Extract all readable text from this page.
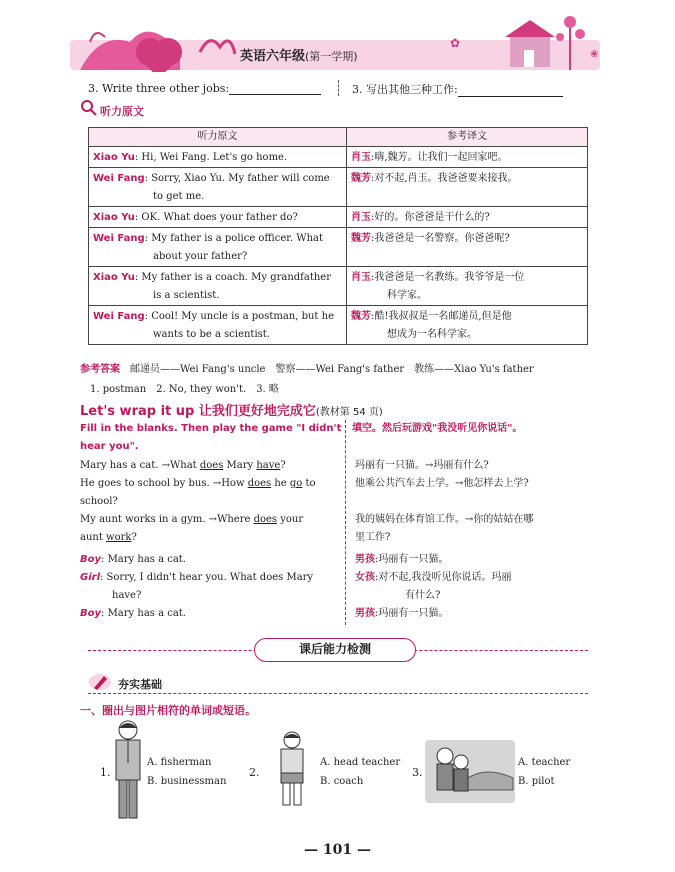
✿
❀
英语六年级(第一学期)
3. Write three other jobs:	3. 写出其他三种工作:
听力原文
听力原文	参考译文
Xiao Yu: Hi, Wei Fang. Let's go home.	肖玉:嗨,魏芳。让我们一起回家吧。
Wei Fang: Sorry, Xiao Yu. My father will come
to get me.	魏芳:对不起,肖玉。我爸爸要来接我。
Xiao Yu: OK. What does your father do?	肖玉:好的。你爸爸是干什么的?
Wei Fang: My father is a police officer. What
about your father?	魏芳:我爸爸是一名警察。你爸爸呢?
Xiao Yu: My father is a coach. My grandfather
is a scientist.	肖玉:我爸爸是一名教练。我爷爷是一位
科学家。

Wei Fang: Cool! My uncle is a postman, but he
wants to be a scientist.	魏芳:酷!我叔叔是一名邮递员,但是他
想成为一名科学家。
参考答案　 邮递员——Wei Fang's uncle　警察——Wei Fang's father　教练——Xiao Yu's father
1. postman　2. No, they won't.　3. 略
Let's wrap it up 让我们更好地完成它(教材第 54 页)
Fill in the blanks. Then play the game "I didn't hear you".
填空。然后玩游戏"我没听见你说话"。
Mary has a cat. →What does Mary have?
He goes to school by bus. →How does he go to
school?
My aunt works in a gym. →Where does your
aunt work?
玛丽有一只猫。→玛丽有什么?
他乘公共汽车去上学。→他怎样去上学?
我的姨妈在体育馆工作。→你的姑姑在哪
里工作?
Boy: Mary has a cat.
Girl: Sorry, I didn't hear you. What does Mary
have?
Boy: Mary has a cat.
男孩:玛丽有一只猫。
女孩:对不起,我没听见你说话。玛丽
有什么?
男孩:玛丽有一只猫。
课后能力检测
夯实基础
一、圈出与图片相符的单词或短语。
1.
A. fisherman
B. businessman
2.
A. head teacher
B. coach
3.
A. teacher
B. pilot
— 101 —
